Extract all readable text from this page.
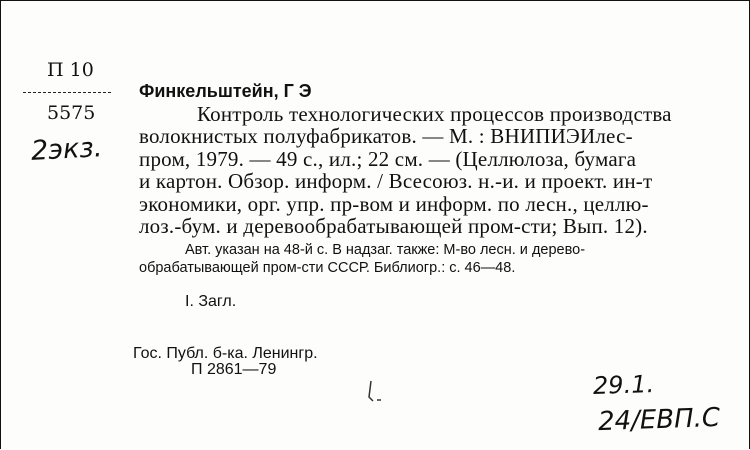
П 10
5575
2экз.
Финкельштейн, Г Э
Контроль технологических процессов производства
волокнистых полуфабрикатов. — М. : ВНИПИЭИлес-
пром, 1979. — 49 с., ил.; 22 см. — (Целлюлоза, бумага
и картон. Обзор. информ. / Всесоюз. н.-и. и проект. ин-т
экономики, орг. упр. пр-вом и информ. по лесн., целлю-
лоз.-бум. и деревообрабатывающей пром-сти; Вып. 12).
Авт. указан на 48-й с. В надзаг. также: М-во лесн. и дерево-
обрабатывающей пром-сти СССР. Библиогр.: с. 46—48.
I. Загл.
Гос. Публ. б-ка. Ленингр.
П 2861—79
29.1.
24/ЕВП.С
